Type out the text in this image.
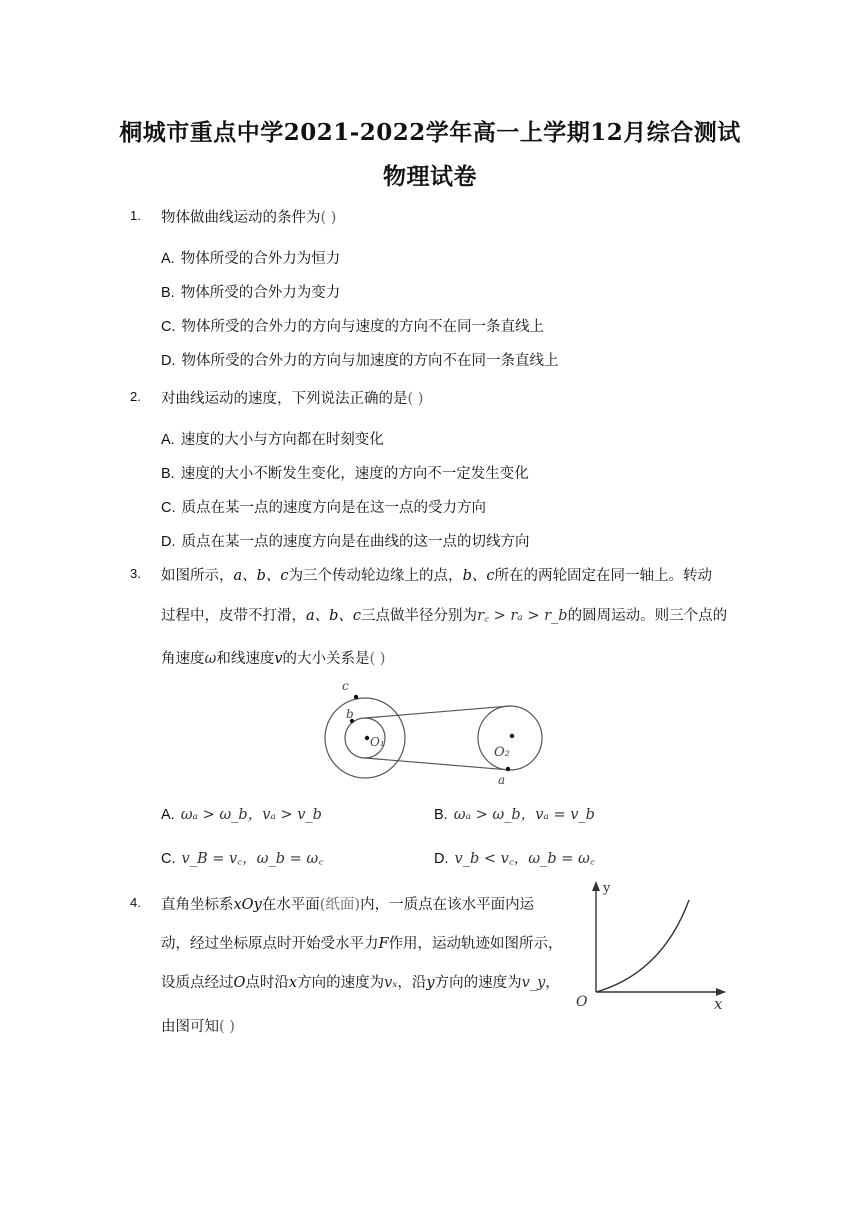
桐城市重点中学2021-2022学年高一上学期12月综合测试
物理试卷
1. 物体做曲线运动的条件为( )
A. 物体所受的合外力为恒力
B. 物体所受的合外力为变力
C. 物体所受的合外力的方向与速度的方向不在同一条直线上
D. 物体所受的合外力的方向与加速度的方向不在同一条直线上
2. 对曲线运动的速度，下列说法正确的是( )
A. 速度的大小与方向都在时刻变化
B. 速度的大小不断发生变化，速度的方向不一定发生变化
C. 质点在某一点的速度方向是在这一点的受力方向
D. 质点在某一点的速度方向是在曲线的这一点的切线方向
3. 如图所示，a、b、c为三个传动轮边缘上的点，b、c所在的两轮固定在同一轴上。转动
过程中，皮带不打滑，a、b、c三点做半径分别为r꜀ > rₐ > r_b的圆周运动。则三个点的
角速度ω和线速度v的大小关系是( )
c
b
O₁
O₂
a
A. ωₐ > ω_b，vₐ > v_b	B. ωₐ > ω_b，vₐ = v_b
C. v_B = v꜀，ω_b = ω꜀	D. v_b < v꜀，ω_b = ω꜀
4. 直角坐标系xOy在水平面(纸面)内，一质点在该水平面内运
动，经过坐标原点时开始受水平力F作用，运动轨迹如图所示，
设质点经过O点时沿x方向的速度为vₓ，沿y方向的速度为v_y，
由图可知( )
y
O	x
